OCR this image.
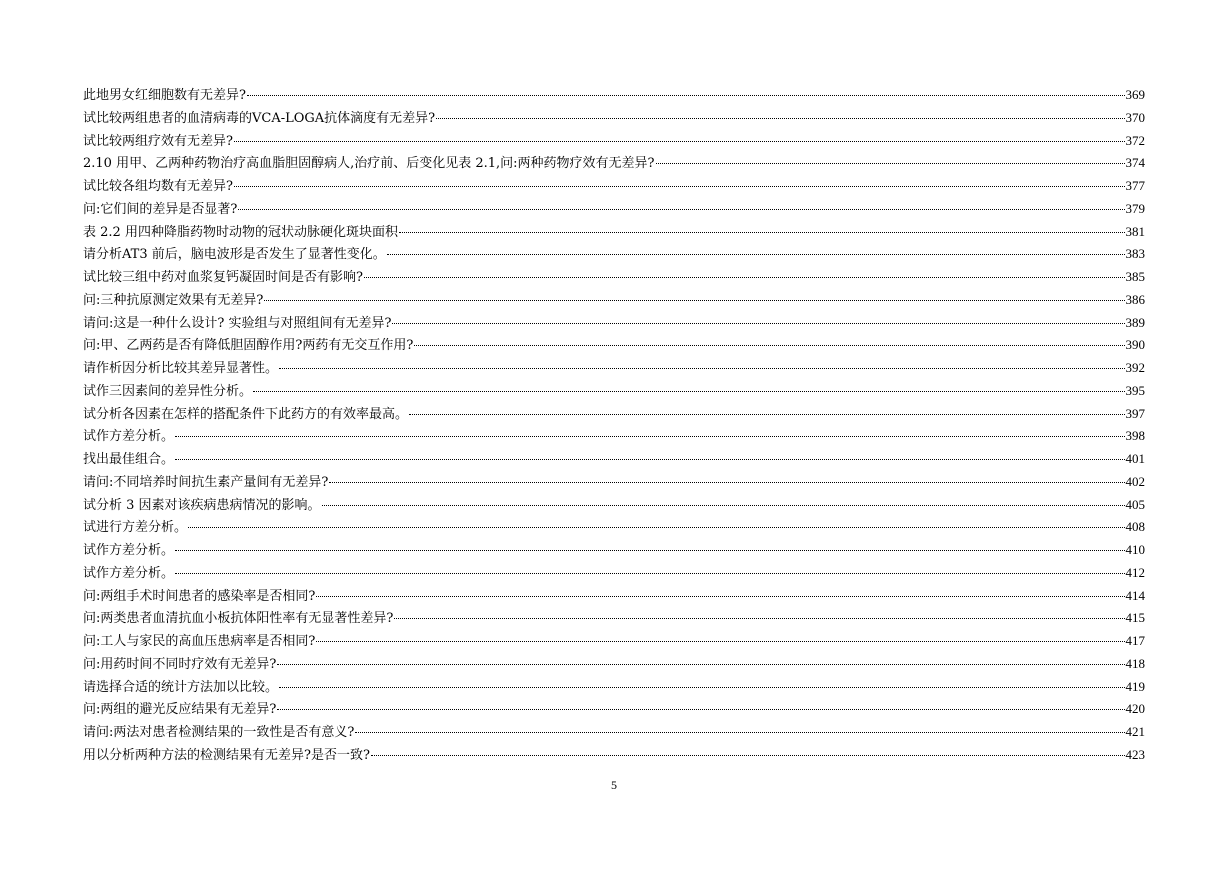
此地男女红细胞数有无差异?	369
试比较两组患者的血清病毒的VCA-LOGA抗体滴度有无差异?	370
试比较两组疗效有无差异?	372
2.10 用甲、乙两种药物治疗高血脂胆固醇病人,治疗前、后变化见表 2.1,问:两种药物疗效有无差异?	374
试比较各组均数有无差异?	377
问:它们间的差异是否显著?	379
表 2.2 用四种降脂药物时动物的冠状动脉硬化斑块面积	381
请分析AT3 前后，脑电波形是否发生了显著性变化。	383
试比较三组中药对血浆复钙凝固时间是否有影响?	385
问:三种抗原测定效果有无差异?	386
请问:这是一种什么设计? 实验组与对照组间有无差异?	389
问:甲、乙两药是否有降低胆固醇作用?两药有无交互作用?	390
请作析因分析比较其差异显著性。	392
试作三因素间的差异性分析。	395
试分析各因素在怎样的搭配条件下此药方的有效率最高。	397
试作方差分析。	398
找出最佳组合。	401
请问:不同培养时间抗生素产量间有无差异?	402
试分析 3 因素对该疾病患病情况的影响。	405
试进行方差分析。	408
试作方差分析。	410
试作方差分析。	412
问:两组手术时间患者的感染率是否相同?	414
问:两类患者血清抗血小板抗体阳性率有无显著性差异?	415
问:工人与家民的高血压患病率是否相同?	417
问:用药时间不同时疗效有无差异?	418
请选择合适的统计方法加以比较。	419
问:两组的避光反应结果有无差异?	420
请问:两法对患者检测结果的一致性是否有意义?	421
用以分析两种方法的检测结果有无差异?是否一致?	423
5
